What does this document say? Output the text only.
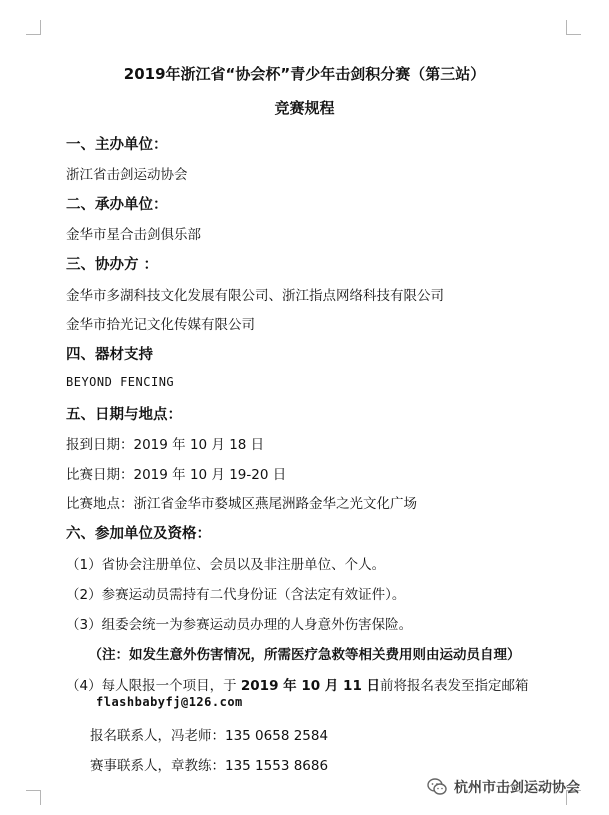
2019年浙江省“协会杯”青少年击剑积分赛（第三站）
竞赛规程
一、主办单位：
浙江省击剑运动协会
二、承办单位：
金华市星合击剑俱乐部
三、协办方 ：
金华市多湖科技文化发展有限公司、浙江指点网络科技有限公司
金华市拾光记文化传媒有限公司
四、器材支持
BEYOND FENCING
五、日期与地点：
报到日期：2019 年 10 月 18 日
比赛日期：2019 年 10 月 19-20 日
比赛地点：浙江省金华市婺城区燕尾洲路金华之光文化广场
六、参加单位及资格：
（1）省协会注册单位、会员以及非注册单位、个人。
（2）参赛运动员需持有二代身份证（含法定有效证件）。
（3）组委会统一为参赛运动员办理的人身意外伤害保险。
（注：如发生意外伤害情况，所需医疗急救等相关费用则由运动员自理）
（4）每人限报一个项目，于 2019 年 10 月 11 日前将报名表发至指定邮箱
flashbabyfj@126.com
报名联系人，冯老师：135 0658 2584
赛事联系人，章教练：135 1553 8686
杭州市击剑运动协会
